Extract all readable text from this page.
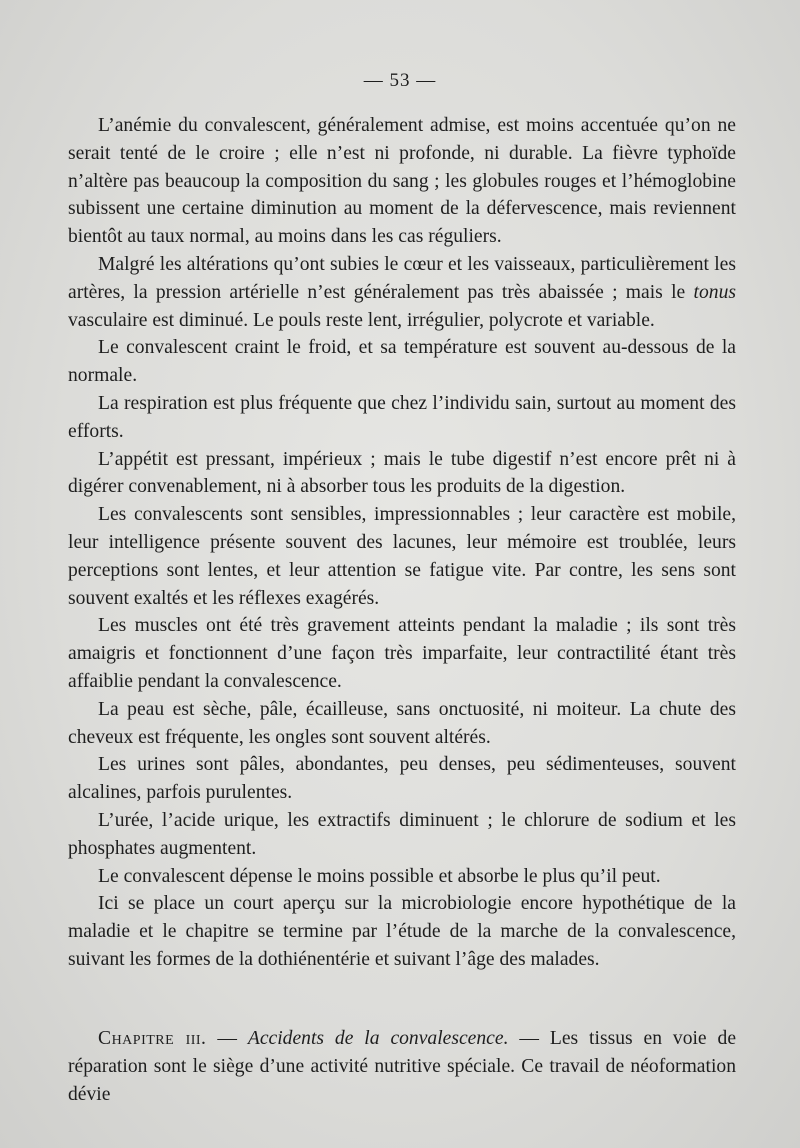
— 53 —

L’anémie du convalescent, généralement admise, est moins accentuée qu’on ne serait tenté de le croire ; elle n’est ni profonde, ni durable. La fièvre typhoïde n’altère pas beaucoup la composition du sang ; les globules rouges et l’hémoglobine subissent une certaine diminution au moment de la défervescence, mais reviennent bientôt au taux normal, au moins dans les cas réguliers.

Malgré les altérations qu’ont subies le cœur et les vaisseaux, particulièrement les artères, la pression artérielle n’est généralement pas très abaissée ; mais le tonus vasculaire est diminué. Le pouls reste lent, irrégulier, polycrote et variable.

Le convalescent craint le froid, et sa température est souvent au-dessous de la normale.

La respiration est plus fréquente que chez l’individu sain, surtout au moment des efforts.

L’appétit est pressant, impérieux ; mais le tube digestif n’est encore prêt ni à digérer convenablement, ni à absorber tous les produits de la digestion.

Les convalescents sont sensibles, impressionnables ; leur caractère est mobile, leur intelligence présente souvent des lacunes, leur mémoire est troublée, leurs perceptions sont lentes, et leur attention se fatigue vite. Par contre, les sens sont souvent exaltés et les réflexes exagérés.

Les muscles ont été très gravement atteints pendant la maladie ; ils sont très amaigris et fonctionnent d’une façon très imparfaite, leur contractilité étant très affaiblie pendant la convalescence.

La peau est sèche, pâle, écailleuse, sans onctuosité, ni moiteur. La chute des cheveux est fréquente, les ongles sont souvent altérés.

Les urines sont pâles, abondantes, peu denses, peu sédimenteuses, souvent alcalines, parfois purulentes.

L’urée, l’acide urique, les extractifs diminuent ; le chlorure de sodium et les phosphates augmentent.

Le convalescent dépense le moins possible et absorbe le plus qu’il peut.

Ici se place un court aperçu sur la microbiologie encore hypothétique de la maladie et le chapitre se termine par l’étude de la marche de la convalescence, suivant les formes de la dothiénentérie et suivant l’âge des malades.

Chapitre iii. — Accidents de la convalescence. — Les tissus en voie de réparation sont le siège d’une activité nutritive spéciale. Ce travail de néoformation dévie
